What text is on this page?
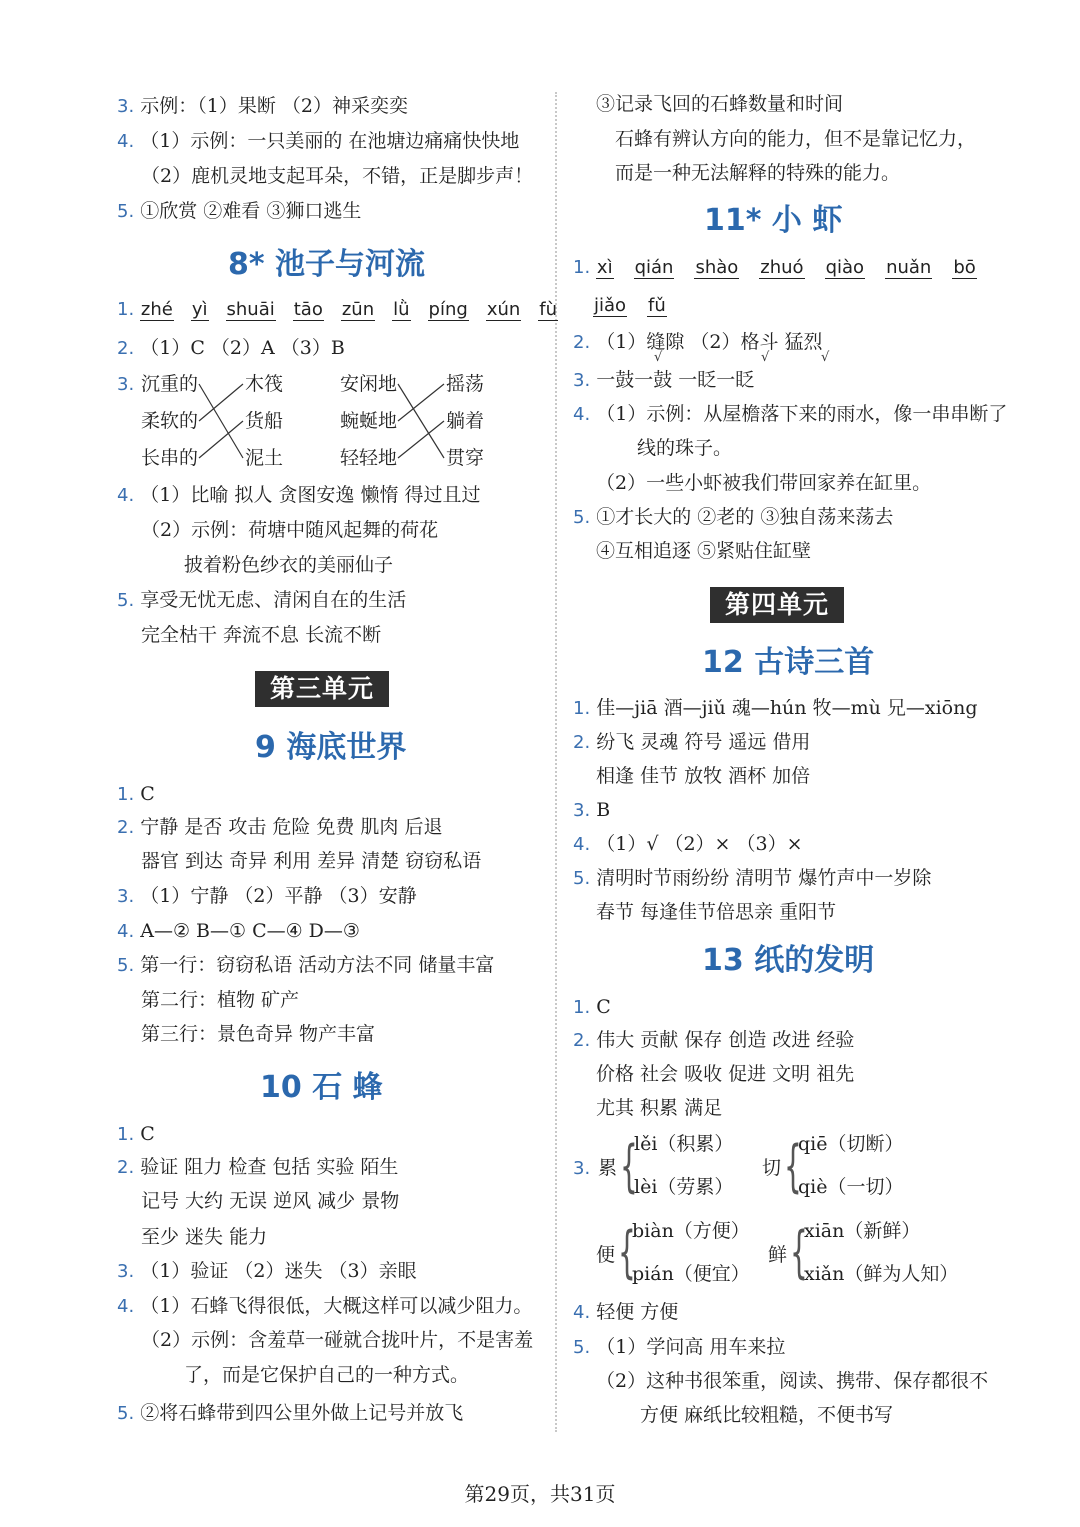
3. 示例：（1）果断 （2）神采奕奕
4. （1）示例：一只美丽的 在池塘边痛痛快快地
（2）鹿机灵地支起耳朵，不错，正是脚步声！
5. ①欣赏 ②难看 ③狮口逃生
8* 池子与河流
1. zhé yì shuāi tāo zūn lǜ píng xún fù
2. （1）C （2）A （3）B
3. 沉重的
柔软的
长串的
木筏
货船
泥土
安闲地
蜿蜒地
轻轻地
摇荡
躺着
贯穿
4. （1）比喻 拟人 贪图安逸 懒惰 得过且过
（2）示例：荷塘中随风起舞的荷花
披着粉色纱衣的美丽仙子
5. 享受无忧无虑、清闲自在的生活
完全枯干 奔流不息 长流不断
第三单元
9 海底世界
1. C
2. 宁静 是否 攻击 危险 免费 肌肉 后退
器官 到达 奇异 利用 差异 清楚 窃窃私语
3. （1）宁静 （2）平静 （3）安静
4. A—② B—① C—④ D—③
5. 第一行：窃窃私语 活动方法不同 储量丰富
第二行：植物 矿产
第三行：景色奇异 物产丰富
10 石 蜂
1. C
2. 验证 阻力 检查 包括 实验 陌生
记号 大约 无误 逆风 减少 景物
至少 迷失 能力
3. （1）验证 （2）迷失 （3）亲眼
4. （1）石蜂飞得很低，大概这样可以减少阻力。
（2）示例：含羞草一碰就合拢叶片，不是害羞
了，而是它保护自己的一种方式。
5. ②将石蜂带到四公里外做上记号并放飞
③记录飞回的石蜂数量和时间
石蜂有辨认方向的能力，但不是靠记忆力，
而是一种无法解释的特殊的能力。
11* 小 虾
1. xì qián shào zhuó qiào nuǎn bō
jiǎo fǔ
2. （1）缝隙 （2）格斗 猛烈
√	√	√
3. 一鼓一鼓 一眨一眨
4. （1）示例：从屋檐落下来的雨水，像一串串断了
线的珠子。
（2）一些小虾被我们带回家养在缸里。
5. ①才长大的 ②老的 ③独自荡来荡去
④互相追逐 ⑤紧贴住缸壁
第四单元
12 古诗三首
1. 佳—jiā 酒—jiǔ 魂—hún 牧—mù 兄—xiōng
2. 纷飞 灵魂 符号 遥远 借用
相逢 佳节 放牧 酒杯 加倍
3. B
4. （1）√ （2）× （3）×
5. 清明时节雨纷纷 清明节 爆竹声中一岁除
春节 每逢佳节倍思亲 重阳节
13 纸的发明
1. C
2. 伟大 贡献 保存 创造 改进 经验
价格 社会 吸收 促进 文明 祖先
尤其 积累 满足
3. 累 {
lěi（积累）
lèi（劳累）
切 {
qiē（切断）
qiè（一切）
便 {
biàn（方便）
pián（便宜）
鲜 {
xiān（新鲜）
xiǎn（鲜为人知）
4. 轻便 方便
5. （1）学问高 用车来拉
（2）这种书很笨重，阅读、携带、保存都很不
方便 麻纸比较粗糙，不便书写
第29页，共31页
